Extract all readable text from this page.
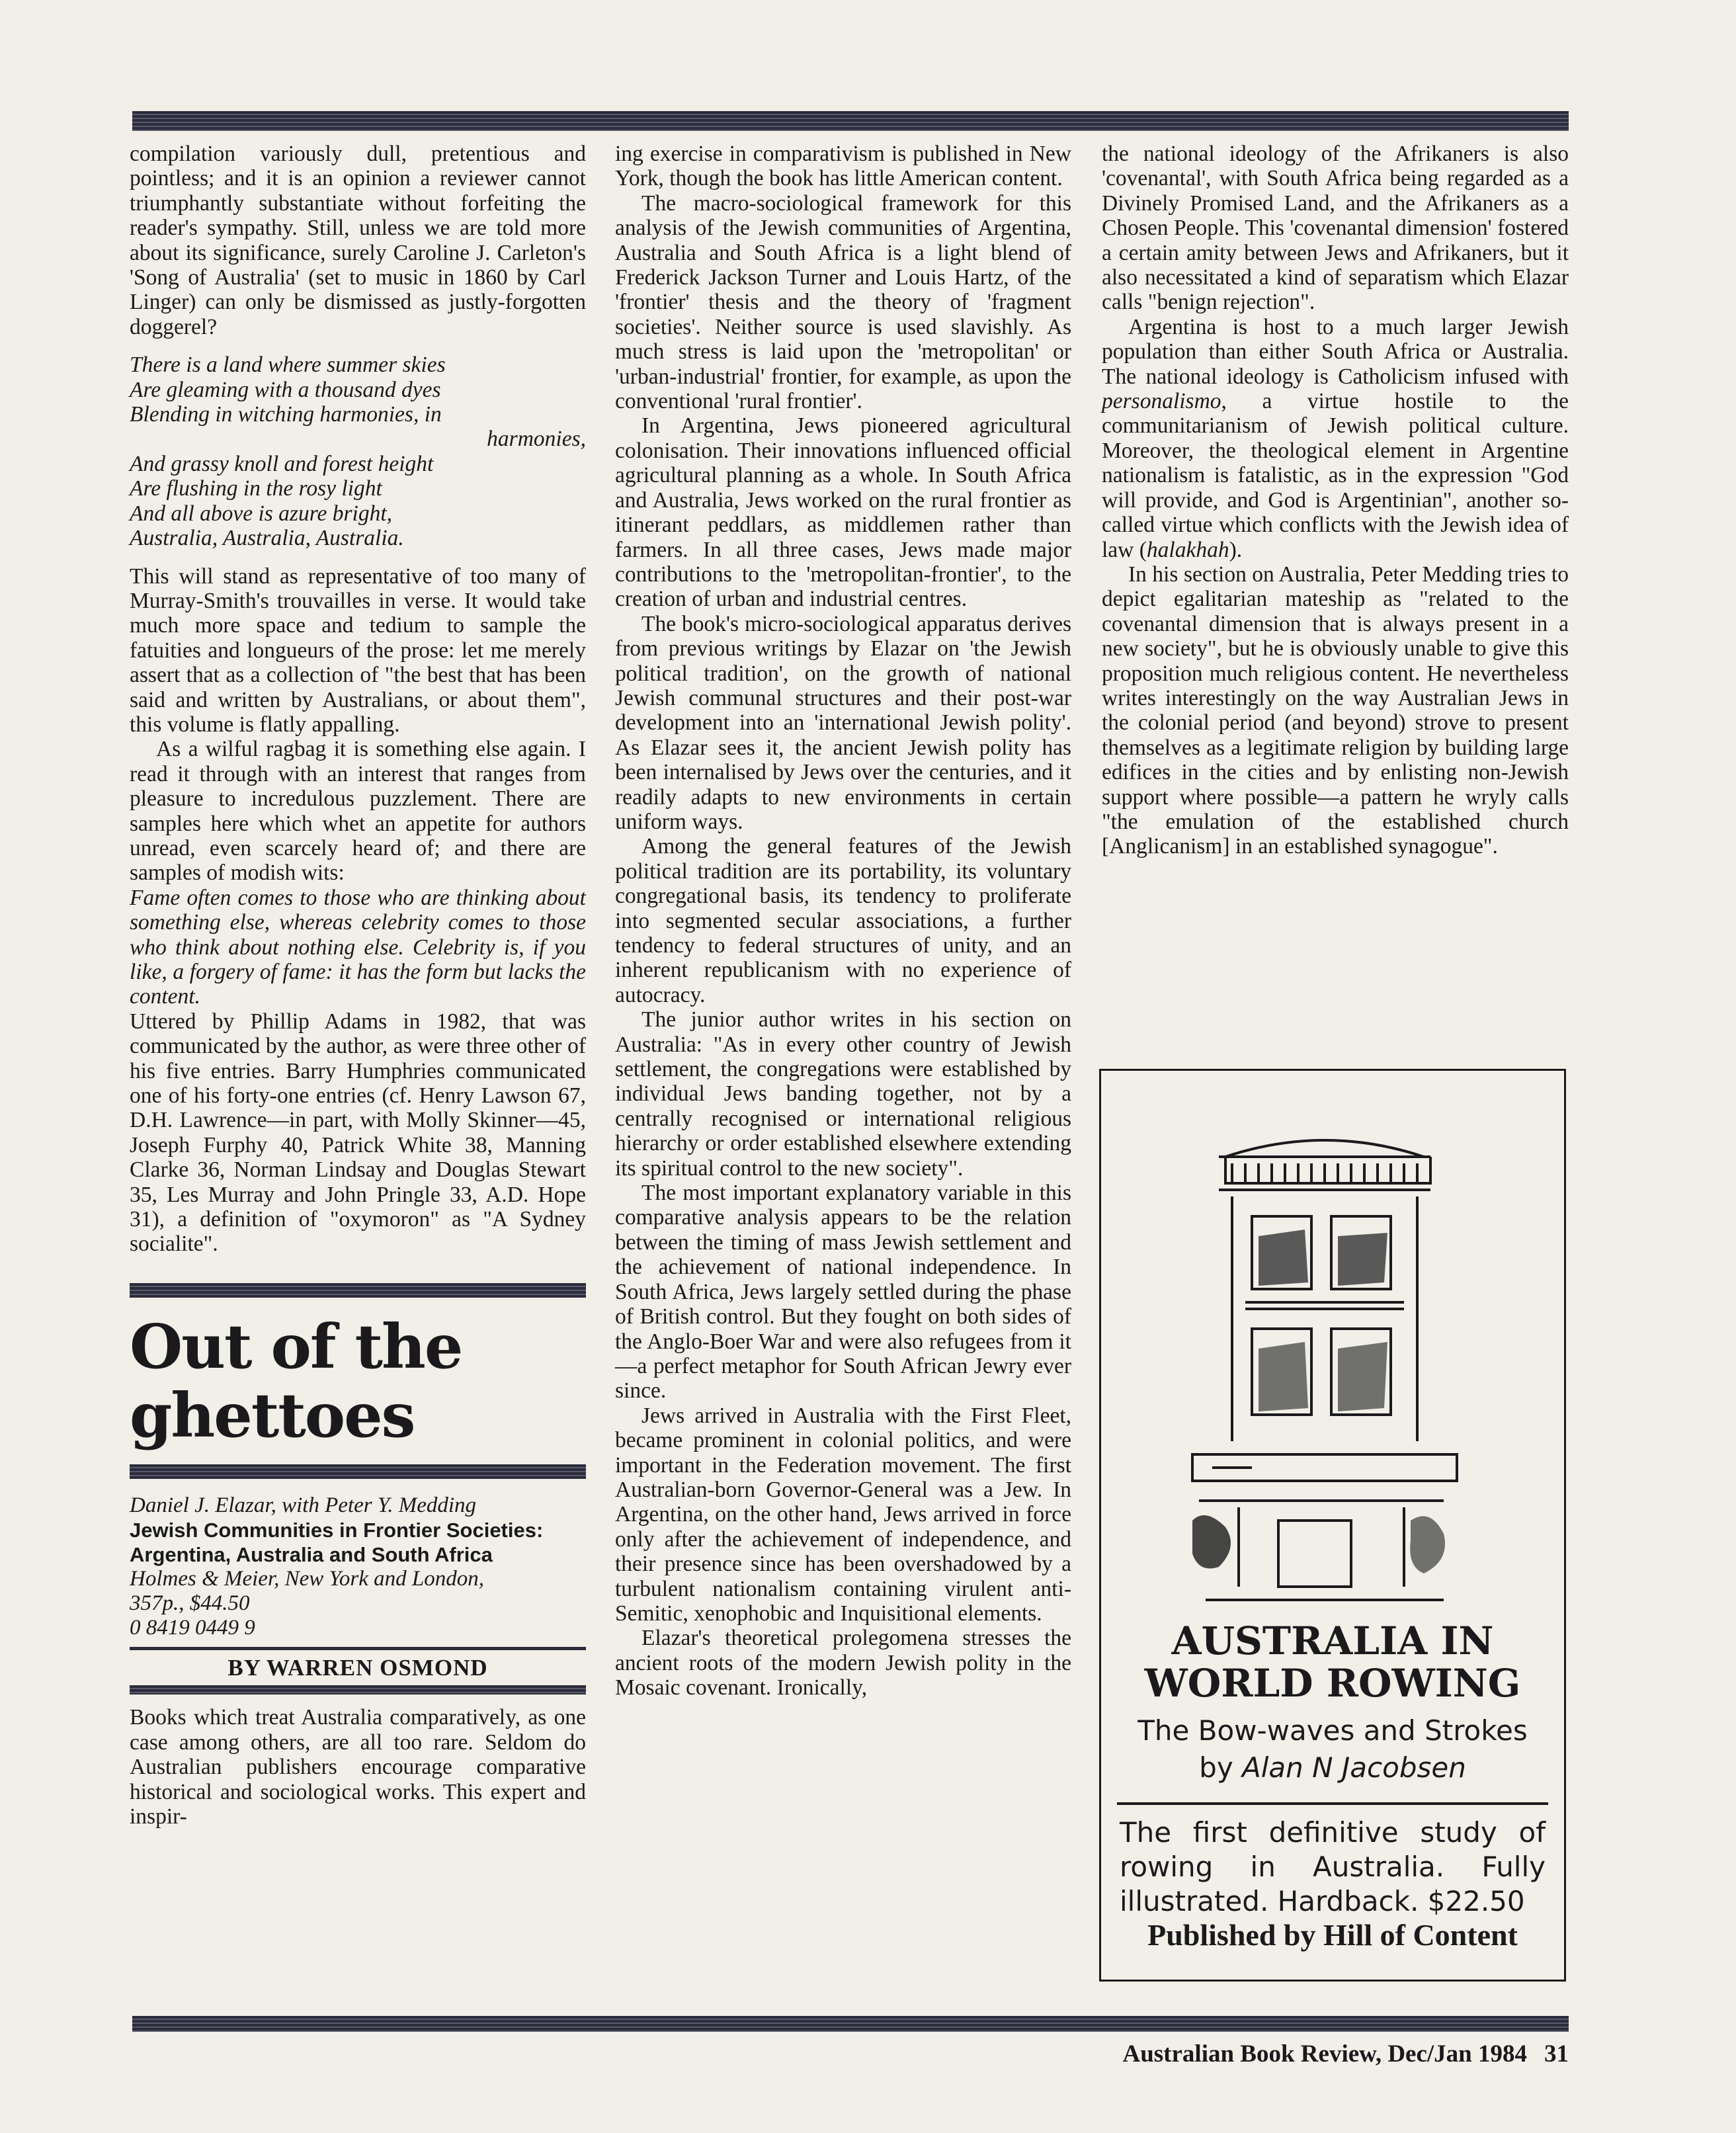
compilation variously dull, pretentious and pointless; and it is an opinion a reviewer cannot triumphantly substantiate without forfeiting the reader's sympathy. Still, unless we are told more about its significance, surely Caroline J. Carleton's 'Song of Australia' (set to music in 1860 by Carl Linger) can only be dismissed as justly-forgotten doggerel?

There is a land where summer skies
Are gleaming with a thousand dyes
Blending in witching harmonies, in
harmonies,
And grassy knoll and forest height
Are flushing in the rosy light
And all above is azure bright,
Australia, Australia, Australia.

This will stand as representative of too many of Murray-Smith's trouvailles in verse. It would take much more space and tedium to sample the fatuities and longueurs of the prose: let me merely assert that as a collection of "the best that has been said and written by Australians, or about them", this volume is flatly appalling.

As a wilful ragbag it is something else again. I read it through with an interest that ranges from pleasure to incredulous puzzlement. There are samples here which whet an appetite for authors unread, even scarcely heard of; and there are samples of modish wits:

Fame often comes to those who are thinking about something else, whereas celebrity comes to those who think about nothing else. Celebrity is, if you like, a forgery of fame: it has the form but lacks the content.

Uttered by Phillip Adams in 1982, that was communicated by the author, as were three other of his five entries. Barry Humphries communicated one of his forty-one entries (cf. Henry Lawson 67, D.H. Lawrence—in part, with Molly Skinner—45, Joseph Furphy 40, Patrick White 38, Manning Clarke 36, Norman Lindsay and Douglas Stewart 35, Les Murray and John Pringle 33, A.D. Hope 31), a definition of "oxymoron" as "A Sydney socialite".

Out of the
ghettoes
Daniel J. Elazar, with Peter Y. Medding
Jewish Communities in Frontier Societies: Argentina, Australia and South Africa
Holmes & Meier, New York and London,
357p., $44.50
0 8419 0449 9
BY WARREN OSMOND

Books which treat Australia comparatively, as one case among others, are all too rare. Seldom do Australian publishers encourage comparative historical and sociological works. This expert and inspir-

ing exercise in comparativism is published in New York, though the book has little American content.

The macro-sociological framework for this analysis of the Jewish communities of Argentina, Australia and South Africa is a light blend of Frederick Jackson Turner and Louis Hartz, of the 'frontier' thesis and the theory of 'fragment societies'. Neither source is used slavishly. As much stress is laid upon the 'metropolitan' or 'urban-industrial' frontier, for example, as upon the conventional 'rural frontier'.

In Argentina, Jews pioneered agricultural colonisation. Their innovations influenced official agricultural planning as a whole. In South Africa and Australia, Jews worked on the rural frontier as itinerant peddlars, as middlemen rather than farmers. In all three cases, Jews made major contributions to the 'metropolitan-frontier', to the creation of urban and industrial centres.

The book's micro-sociological apparatus derives from previous writings by Elazar on 'the Jewish political tradition', on the growth of national Jewish communal structures and their post-war development into an 'international Jewish polity'. As Elazar sees it, the ancient Jewish polity has been internalised by Jews over the centuries, and it readily adapts to new environments in certain uniform ways.

Among the general features of the Jewish political tradition are its portability, its voluntary congregational basis, its tendency to proliferate into segmented secular associations, a further tendency to federal structures of unity, and an inherent republicanism with no experience of autocracy.

The junior author writes in his section on Australia: "As in every other country of Jewish settlement, the congregations were established by individual Jews banding together, not by a centrally recognised or international religious hierarchy or order established elsewhere extending its spiritual control to the new society".

The most important explanatory variable in this comparative analysis appears to be the relation between the timing of mass Jewish settlement and the achievement of national independence. In South Africa, Jews largely settled during the phase of British control. But they fought on both sides of the Anglo-Boer War and were also refugees from it—a perfect metaphor for South African Jewry ever since.

Jews arrived in Australia with the First Fleet, became prominent in colonial politics, and were important in the Federation movement. The first Australian-born Governor-General was a Jew. In Argentina, on the other hand, Jews arrived in force only after the achievement of independence, and their presence since has been overshadowed by a turbulent nationalism containing virulent anti-Semitic, xenophobic and Inquisitional elements.

Elazar's theoretical prolegomena stresses the ancient roots of the modern Jewish polity in the Mosaic covenant. Ironically,

the national ideology of the Afrikaners is also 'covenantal', with South Africa being regarded as a Divinely Promised Land, and the Afrikaners as a Chosen People. This 'covenantal dimension' fostered a certain amity between Jews and Afrikaners, but it also necessitated a kind of separatism which Elazar calls "benign rejection".

Argentina is host to a much larger Jewish population than either South Africa or Australia. The national ideology is Catholicism infused with personalismo, a virtue hostile to the communitarianism of Jewish political culture. Moreover, the theological element in Argentine nationalism is fatalistic, as in the expression "God will provide, and God is Argentinian", another so-called virtue which conflicts with the Jewish idea of law (halakhah).

In his section on Australia, Peter Medding tries to depict egalitarian mateship as "related to the covenantal dimension that is always present in a new society", but he is obviously unable to give this proposition much religious content. He nevertheless writes interestingly on the way Australian Jews in the colonial period (and beyond) strove to present themselves as a legitimate religion by building large edifices in the cities and by enlisting non-Jewish support where possible—a pattern he wryly calls "the emulation of the established church [Anglicanism] in an established synagogue".

AUSTRALIA IN
WORLD ROWING
The Bow-waves and Strokes
by Alan N Jacobsen
The first definitive study of rowing in Australia. Fully illustrated. Hardback. $22.50
Published by Hill of Content
Australian Book Review, Dec/Jan 1984 31
